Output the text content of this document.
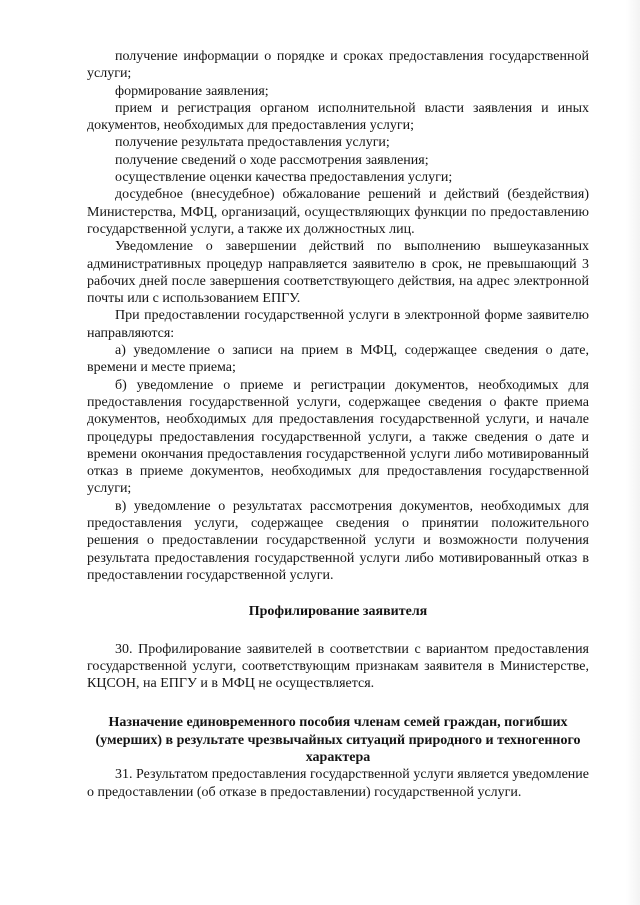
получение информации о порядке и сроках предоставления государственной услуги;

формирование заявления;

прием и регистрация органом исполнительной власти заявления и иных документов, необходимых для предоставления услуги;

получение результата предоставления услуги;

получение сведений о ходе рассмотрения заявления;

осуществление оценки качества предоставления услуги;

досудебное (внесудебное) обжалование решений и действий (бездействия) Министерства, МФЦ, организаций, осуществляющих функции по предоставлению государственной услуги, а также их должностных лиц.

Уведомление о завершении действий по выполнению вышеуказанных административных процедур направляется заявителю в срок, не превышающий 3 рабочих дней после завершения соответствующего действия, на адрес электронной почты или с использованием ЕПГУ.

При предоставлении государственной услуги в электронной форме заявителю направляются:

а) уведомление о записи на прием в МФЦ, содержащее сведения о дате, времени и месте приема;

б) уведомление о приеме и регистрации документов, необходимых для предоставления государственной услуги, содержащее сведения о факте приема документов, необходимых для предоставления государственной услуги, и начале процедуры предоставления государственной услуги, а также сведения о дате и времени окончания предоставления государственной услуги либо мотивированный отказ в приеме документов, необходимых для предоставления государственной услуги;

в) уведомление о результатах рассмотрения документов, необходимых для предоставления услуги, содержащее сведения о принятии положительного решения о предоставлении государственной услуги и возможности получения результата предоставления государственной услуги либо мотивированный отказ в предоставлении государственной услуги.

Профилирование заявителя

30. Профилирование заявителей в соответствии с вариантом предоставления государственной услуги, соответствующим признакам заявителя в Министерстве, КЦСОН, на ЕПГУ и в МФЦ не осуществляется.

Назначение единовременного пособия членам семей граждан, погибших (умерших) в результате чрезвычайных ситуаций природного и техногенного характера

31. Результатом предоставления государственной услуги является уведомление о предоставлении (об отказе в предоставлении) государственной услуги.
